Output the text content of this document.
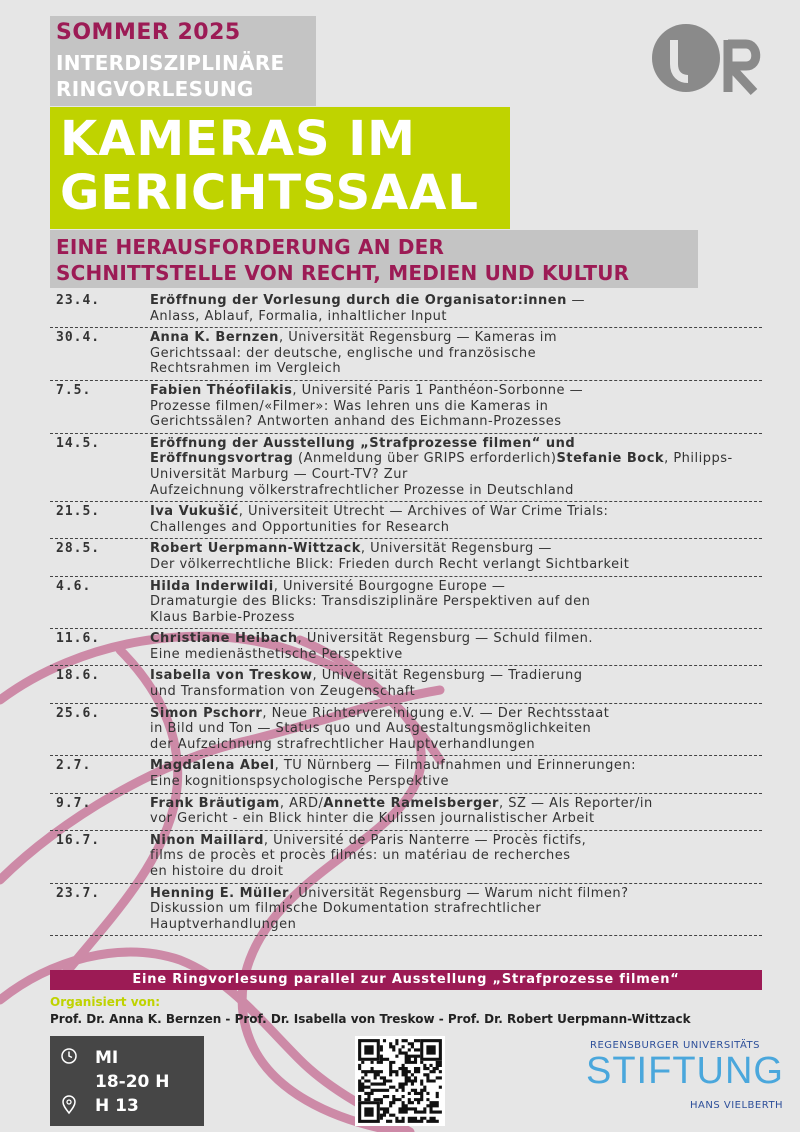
SOMMER 2025
INTERDISZIPLINÄRE
RINGVORLESUNG
KAMERAS IM
GERICHTSSAAL
EINE HERAUSFORDERUNG AN DER
SCHNITTSTELLE VON RECHT, MEDIEN UND KULTUR
23.4.	Eröffnung der Vorlesung durch die Organisator:innen —
Anlass, Ablauf, Formalia, inhaltlicher Input
30.4.	Anna K. Bernzen, Universität Regensburg — Kameras im
Gerichtssaal: der deutsche, englische und französische
Rechtsrahmen im Vergleich
7.5.	Fabien Théofilakis, Université Paris 1 Panthéon-Sorbonne —
Prozesse filmen/«Filmer»: Was lehren uns die Kameras in
Gerichtssälen? Antworten anhand des Eichmann-Prozesses
14.5.	Eröffnung der Ausstellung „Strafprozesse filmen“ und
Eröffnungsvortrag (Anmeldung über GRIPS erforderlich)Stefanie Bock, Philipps-Universität Marburg — Court-TV? Zur
Aufzeichnung völkerstrafrechtlicher Prozesse in Deutschland
21.5.	Iva Vukušić, Universiteit Utrecht — Archives of War Crime Trials:
Challenges and Opportunities for Research
28.5.	Robert Uerpmann-Wittzack, Universität Regensburg —
Der völkerrechtliche Blick: Frieden durch Recht verlangt Sichtbarkeit
4.6.	Hilda Inderwildi, Université Bourgogne Europe —
Dramaturgie des Blicks: Transdisziplinäre Perspektiven auf den
Klaus Barbie-Prozess
11.6.	Christiane Heibach, Universität Regensburg — Schuld filmen.
Eine medienästhetische Perspektive
18.6.	Isabella von Treskow, Universität Regensburg — Tradierung
und Transformation von Zeugenschaft
25.6.	Simon Pschorr, Neue Richtervereinigung e.V. — Der Rechtsstaat
in Bild und Ton — Status quo und Ausgestaltungsmöglichkeiten
der Aufzeichnung strafrechtlicher Hauptverhandlungen
2.7.	Magdalena Abel, TU Nürnberg — Filmaufnahmen und Erinnerungen:
Eine kognitionspsychologische Perspektive
9.7.	Frank Bräutigam, ARD/Annette Ramelsberger, SZ — Als Reporter/in
vor Gericht - ein Blick hinter die Kulissen journalistischer Arbeit
16.7.	Ninon Maillard, Université de Paris Nanterre — Procès fictifs,
films de procès et procès filmés: un matériau de recherches
en histoire du droit
23.7.	Henning E. Müller, Universität Regensburg — Warum nicht filmen?
Diskussion um filmische Dokumentation strafrechtlicher
Hauptverhandlungen
Eine Ringvorlesung parallel zur Ausstellung „Strafprozesse filmen“
Organisiert von:
Prof. Dr. Anna K. Bernzen - Prof. Dr. Isabella von Treskow - Prof. Dr. Robert Uerpmann-Wittzack
MI
18-20 H
H 13
REGENSBURGER UNIVERSITÄTS
STIFTUNG
HANS VIELBERTH
